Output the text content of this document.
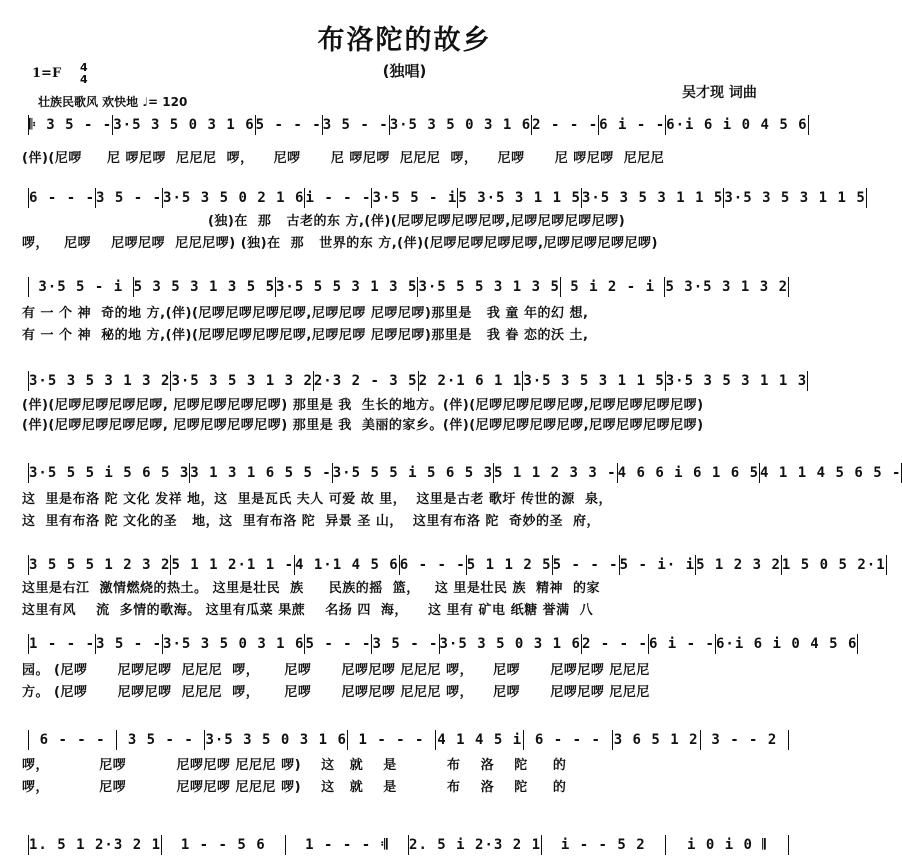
布洛陀的故乡
(独唱)
1=F 4
4
壮族民歌风 欢快地 ♩= 120
吴才现 词曲
𝄆 3 5 - - 3·5 3 5 0 3 1 6 5 - - - 3 5 - - 3·5 3 5 0 3 1 6 2 - - - 6 i - - 6·i 6 i 0 4 5 6
(伴)(尼啰     尼 啰尼啰  尼尼尼  啰，    尼啰      尼 啰尼啰  尼尼尼  啰，    尼啰      尼 啰尼啰  尼尼尼
6 - - - 3 5 - - 3·5 3 5 0 2 1 6 i - - - 3·5 5 - i 5 3·5 3 1 1 5 3·5 3 5 3 1 1 5 3·5 3 5 3 1 1 5
(独)在  那   古老的东 方,(伴)(尼啰尼啰尼啰尼啰,尼啰尼啰尼啰尼啰)
啰，   尼啰    尼啰尼啰  尼尼尼啰) (独)在  那   世界的东 方,(伴)(尼啰尼啰尼啰尼啰,尼啰尼啰尼啰尼啰)
3·5 5 - i 5 3 5 3 1 3 5 5 3·5 5 5 3 1 3 5 3·5 5 5 3 1 3 5 5 i 2 - i 5 3·5 3 1 3 2
有 一 个 神  奇的地 方,(伴)(尼啰尼啰尼啰尼啰,尼啰尼啰 尼啰尼啰)那里是   我 童 年的幻 想,
有 一 个 神  秘的地 方,(伴)(尼啰尼啰尼啰尼啰,尼啰尼啰 尼啰尼啰)那里是   我 眷 恋的沃 土,
3·5 3 5 3 1 3 2 3·5 3 5 3 1 3 2 2·3 2 - 3 5 2 2·1 6 1 1 3·5 3 5 3 1 1 5 3·5 3 5 3 1 1 3
(伴)(尼啰尼啰尼啰尼啰, 尼啰尼啰尼啰尼啰) 那里是 我  生长的地方。(伴)(尼啰尼啰尼啰尼啰,尼啰尼啰尼啰尼啰)
(伴)(尼啰尼啰尼啰尼啰, 尼啰尼啰尼啰尼啰) 那里是 我  美丽的家乡。(伴)(尼啰尼啰尼啰尼啰,尼啰尼啰尼啰尼啰)
3·5 5 5 i 5 6 5 3 3 1 3 1 6 5 5 - 3·5 5 5 i 5 6 5 3 5 1 1 2 3 3 - 4 6 6 i 6 1 6 5 4 1 1 4 5 6 5 -
这  里是布洛 陀 文化 发祥 地，这  里是瓦氏 夫人 可爱 故 里，  这里是古老 歌圩 传世的源  泉，
这  里有布洛 陀 文化的圣   地，这  里有布洛 陀  异景 圣 山，  这里有布洛 陀  奇妙的圣  府，
3 5 5 5 1 2 3 2 5 1 1 2·1 1 - 4 1·1 4 5 6 6 - - - 5 1 1 2 5 5 - - - 5 - i· i 5 1 2 3 2 1 5 0 5 2·1
这里是右江  激情燃烧的热土。 这里是壮民  族     民族的摇  篮，   这 里是壮民 族  精神  的家
这里有风    流  多情的歌海。 这里有瓜菜 果蔗    名扬 四  海，    这 里有 矿电 纸糖 誉满  八
1 - - - 3 5 - - 3·5 3 5 0 3 1 6 5 - - - 3 5 - - 3·5 3 5 0 3 1 6 2 - - - 6 i - - 6·i 6 i 0 4 5 6
园。 (尼啰      尼啰尼啰  尼尼尼  啰，     尼啰      尼啰尼啰 尼尼尼 啰，    尼啰      尼啰尼啰 尼尼尼
方。 (尼啰      尼啰尼啰  尼尼尼  啰，     尼啰      尼啰尼啰 尼尼尼 啰，    尼啰      尼啰尼啰 尼尼尼
6 - - -	3 5 - - 3·5 3 5 0 3 1 6 1 - - - 4 1 4 5 i 6 - - - 3 6 5 1 2 3 - - 2
啰，          尼啰          尼啰尼啰 尼尼尼 啰)    这   就    是          布    洛    陀     的
啰，          尼啰          尼啰尼啰 尼尼尼 啰)    这   就    是          布    洛    陀     的
1. 5 1 2·3 2 1	1 - - 5 6	1 - - - 𝄇	2. 5 i 2·3 2 1	i - - 5 2	i 0 i 0 𝄂
